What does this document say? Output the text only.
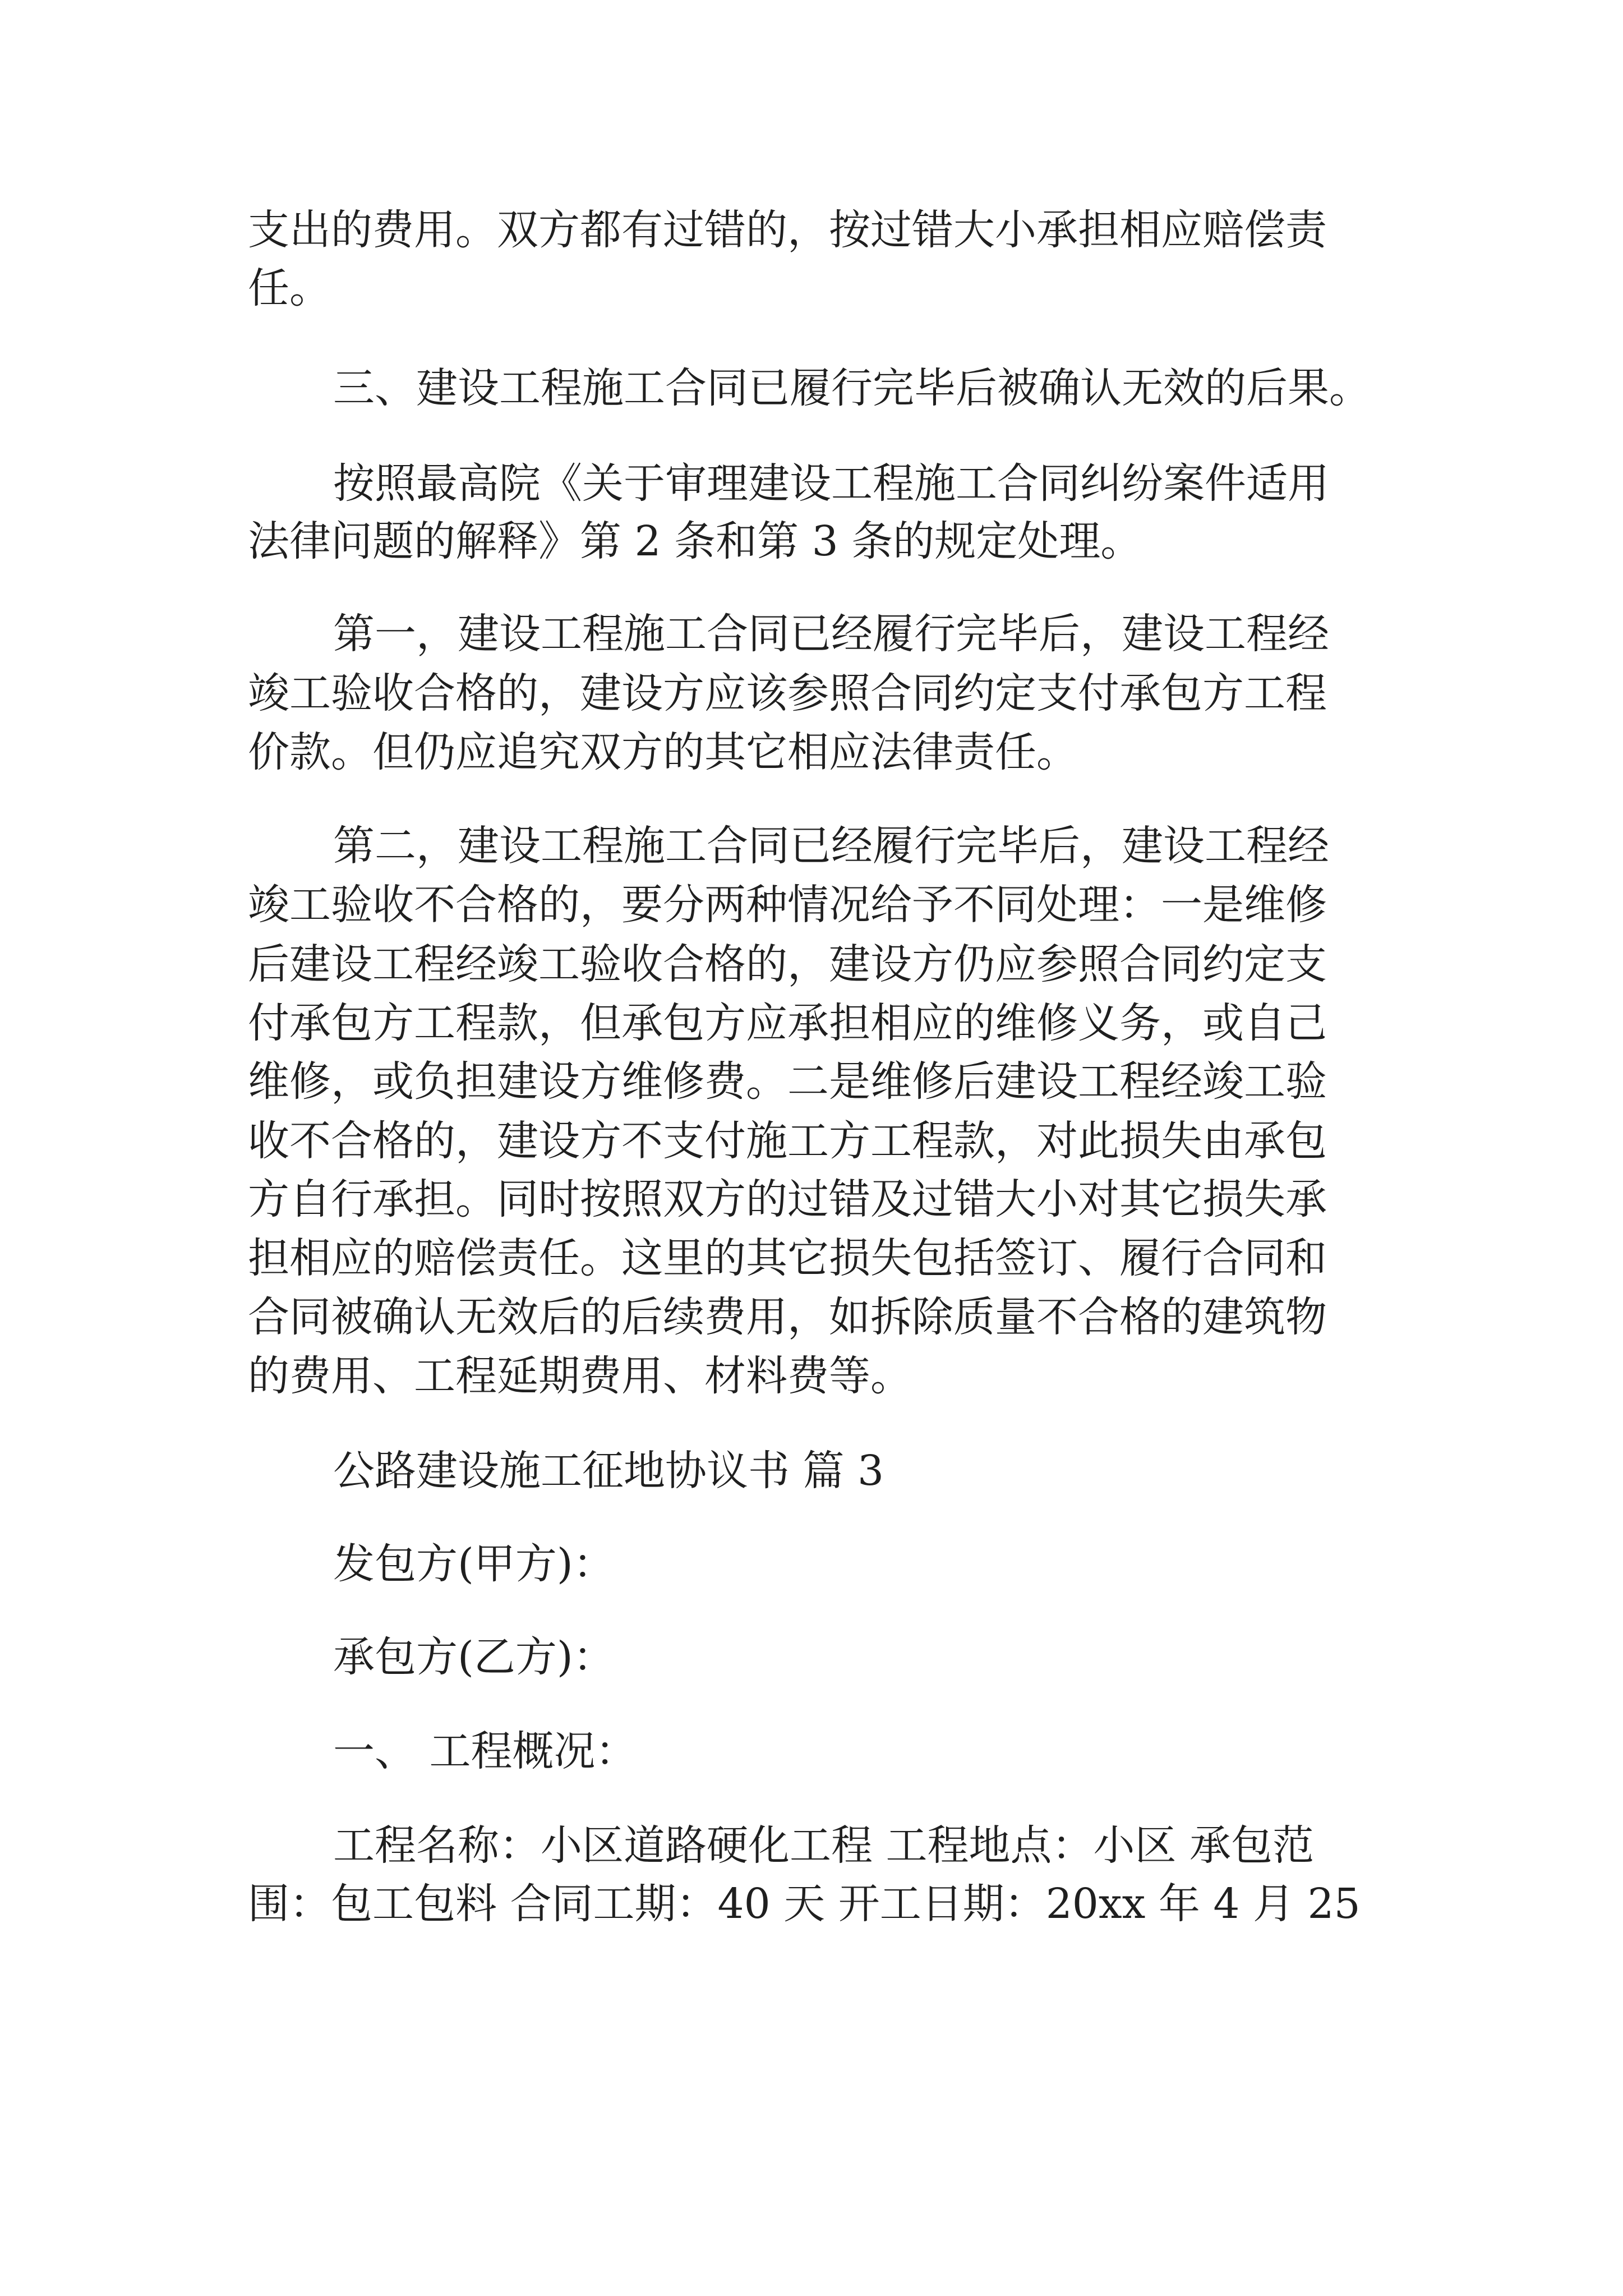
支出的费用。双方都有过错的，按过错大小承担相应赔偿责
任。
三、建设工程施工合同已履行完毕后被确认无效的后果。
按照最高院《关于审理建设工程施工合同纠纷案件适用
法律问题的解释》第 2 条和第 3 条的规定处理。
第一，建设工程施工合同已经履行完毕后，建设工程经
竣工验收合格的，建设方应该参照合同约定支付承包方工程
价款。但仍应追究双方的其它相应法律责任。
第二，建设工程施工合同已经履行完毕后，建设工程经
竣工验收不合格的，要分两种情况给予不同处理：一是维修
后建设工程经竣工验收合格的，建设方仍应参照合同约定支
付承包方工程款，但承包方应承担相应的维修义务，或自己
维修，或负担建设方维修费。二是维修后建设工程经竣工验
收不合格的，建设方不支付施工方工程款，对此损失由承包
方自行承担。同时按照双方的过错及过错大小对其它损失承
担相应的赔偿责任。这里的其它损失包括签订、履行合同和
合同被确认无效后的后续费用，如拆除质量不合格的建筑物
的费用、工程延期费用、材料费等。
公路建设施工征地协议书 篇 3
发包方(甲方)：
承包方(乙方)：
一、 工程概况：
工程名称：小区道路硬化工程 工程地点：小区 承包范
围：包工包料 合同工期：40 天 开工日期：20xx 年 4 月 25
